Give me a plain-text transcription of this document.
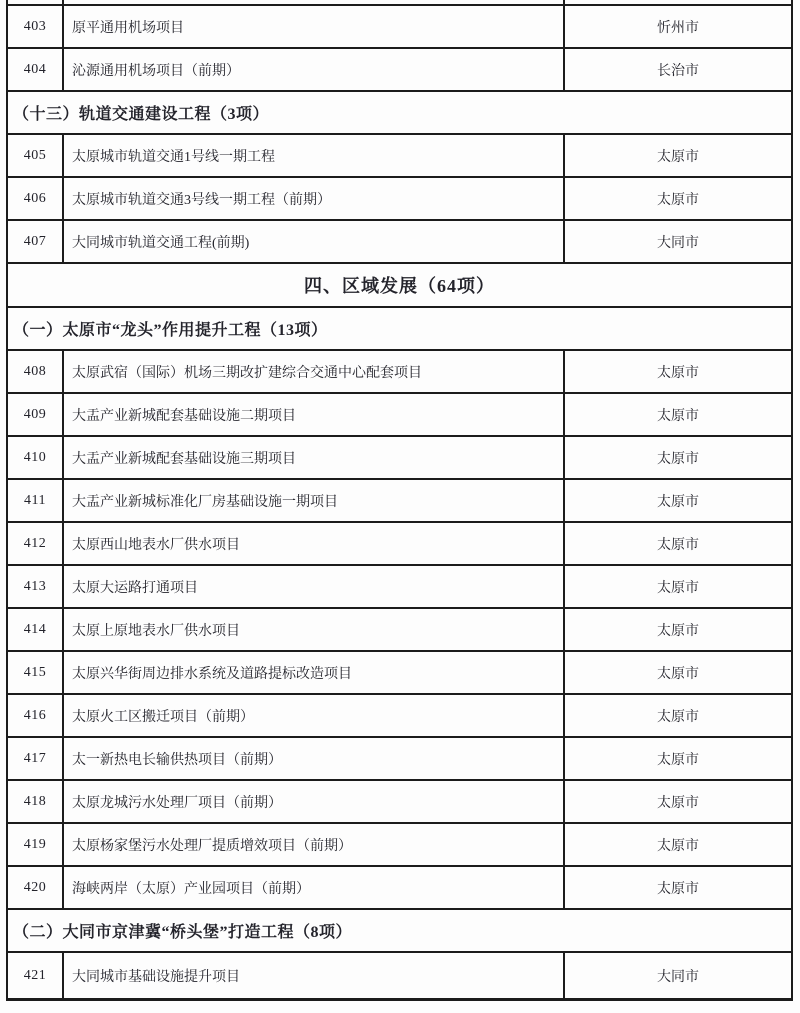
403	原平通用机场项目	忻州市
404	沁源通用机场项目（前期）	长治市
（十三）轨道交通建设工程（3项）
405	太原城市轨道交通1号线一期工程	太原市
406	太原城市轨道交通3号线一期工程（前期）	太原市
407	大同城市轨道交通工程(前期)	大同市
四、区域发展（64项）
（一）太原市“龙头”作用提升工程（13项）
408	太原武宿（国际）机场三期改扩建综合交通中心配套项目	太原市
409	大盂产业新城配套基础设施二期项目	太原市
410	大盂产业新城配套基础设施三期项目	太原市
411	大盂产业新城标准化厂房基础设施一期项目	太原市
412	太原西山地表水厂供水项目	太原市
413	太原大运路打通项目	太原市
414	太原上原地表水厂供水项目	太原市
415	太原兴华街周边排水系统及道路提标改造项目	太原市
416	太原火工区搬迁项目（前期）	太原市
417	太一新热电长输供热项目（前期）	太原市
418	太原龙城污水处理厂项目（前期）	太原市
419	太原杨家堡污水处理厂提质增效项目（前期）	太原市
420	海峡两岸（太原）产业园项目（前期）	太原市
（二）大同市京津冀“桥头堡”打造工程（8项）
421	大同城市基础设施提升项目	大同市
